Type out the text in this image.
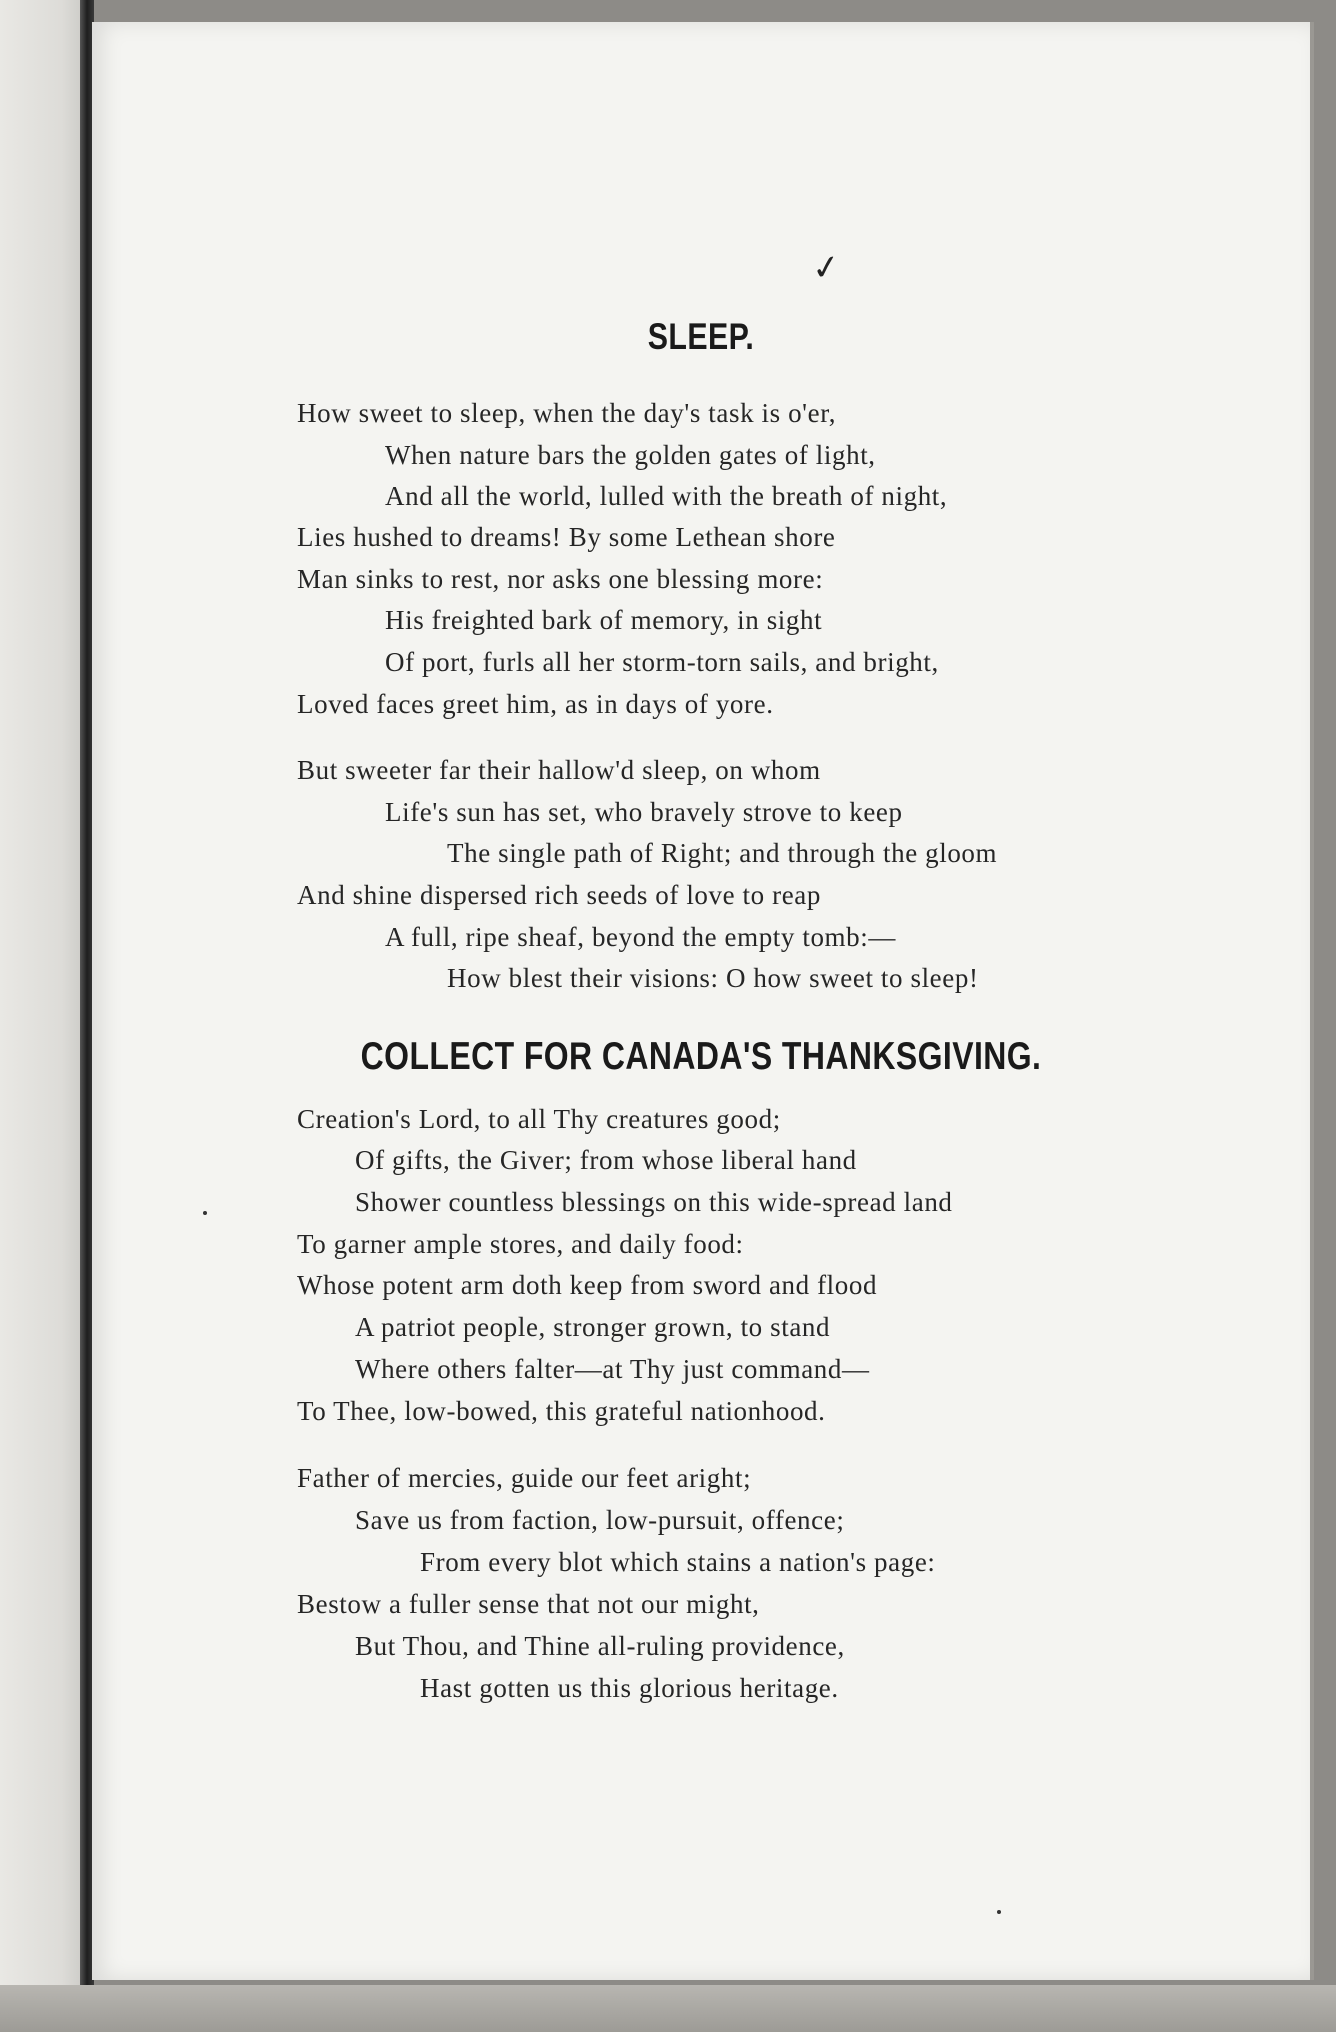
✓
SLEEP.
How sweet to sleep, when the day's task is o'er,
When nature bars the golden gates of light,
And all the world, lulled with the breath of night,
Lies hushed to dreams! By some Lethean shore
Man sinks to rest, nor asks one blessing more:
His freighted bark of memory, in sight
Of port, furls all her storm-torn sails, and bright,
Loved faces greet him, as in days of yore.
But sweeter far their hallow'd sleep, on whom
Life's sun has set, who bravely strove to keep
The single path of Right; and through the gloom
And shine dispersed rich seeds of love to reap
A full, ripe sheaf, beyond the empty tomb:—
How blest their visions: O how sweet to sleep!
COLLECT FOR CANADA'S THANKSGIVING.
Creation's Lord, to all Thy creatures good;
Of gifts, the Giver; from whose liberal hand
Shower countless blessings on this wide-spread land
To garner ample stores, and daily food:
Whose potent arm doth keep from sword and flood
A patriot people, stronger grown, to stand
Where others falter—at Thy just command—
To Thee, low-bowed, this grateful nationhood.
Father of mercies, guide our feet aright;
Save us from faction, low-pursuit, offence;
From every blot which stains a nation's page:
Bestow a fuller sense that not our might,
But Thou, and Thine all-ruling providence,
Hast gotten us this glorious heritage.
